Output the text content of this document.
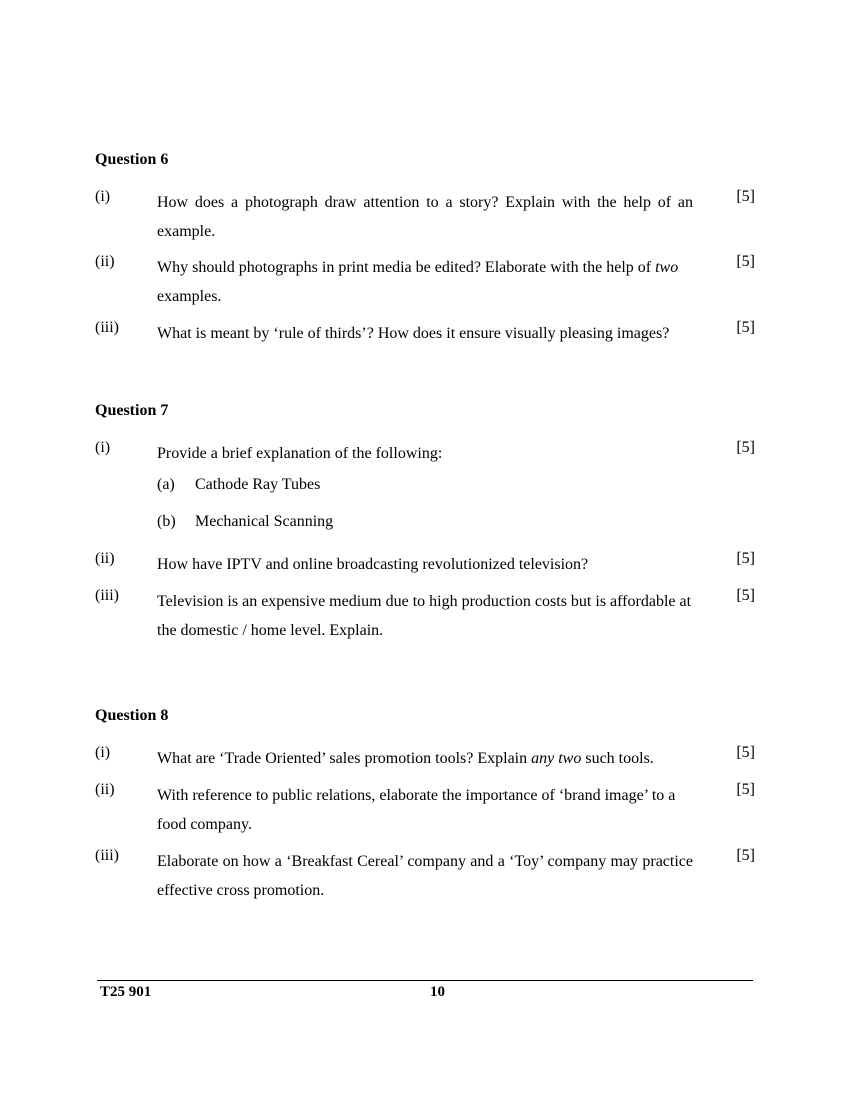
Question 6
(i)	How does a photograph draw attention to a story? Explain with the help of an example.
[5]
(ii)	Why should photographs in print media be edited? Elaborate with the help of two examples.
[5]
(iii) What is meant by ‘rule of thirds’? How does it ensure visually pleasing images?	[5]
Question 7
(i)	Provide a brief explanation of the following:	[5]
(a) Cathode Ray Tubes
(b) Mechanical Scanning
(ii)	How have IPTV and online broadcasting revolutionized television?	[5]
(iii) Television is an expensive medium due to high production costs but is affordable at the domestic / home level. Explain.
[5]
Question 8
(i)	What are ‘Trade Oriented’ sales promotion tools? Explain any two such tools.	[5]
(ii)	With reference to public relations, elaborate the importance of ‘brand image’ to a food company.
[5]
(iii) Elaborate on how a ‘Breakfast Cereal’ company and a ‘Toy’ company may practice effective cross promotion.
[5]
T25 901	10
